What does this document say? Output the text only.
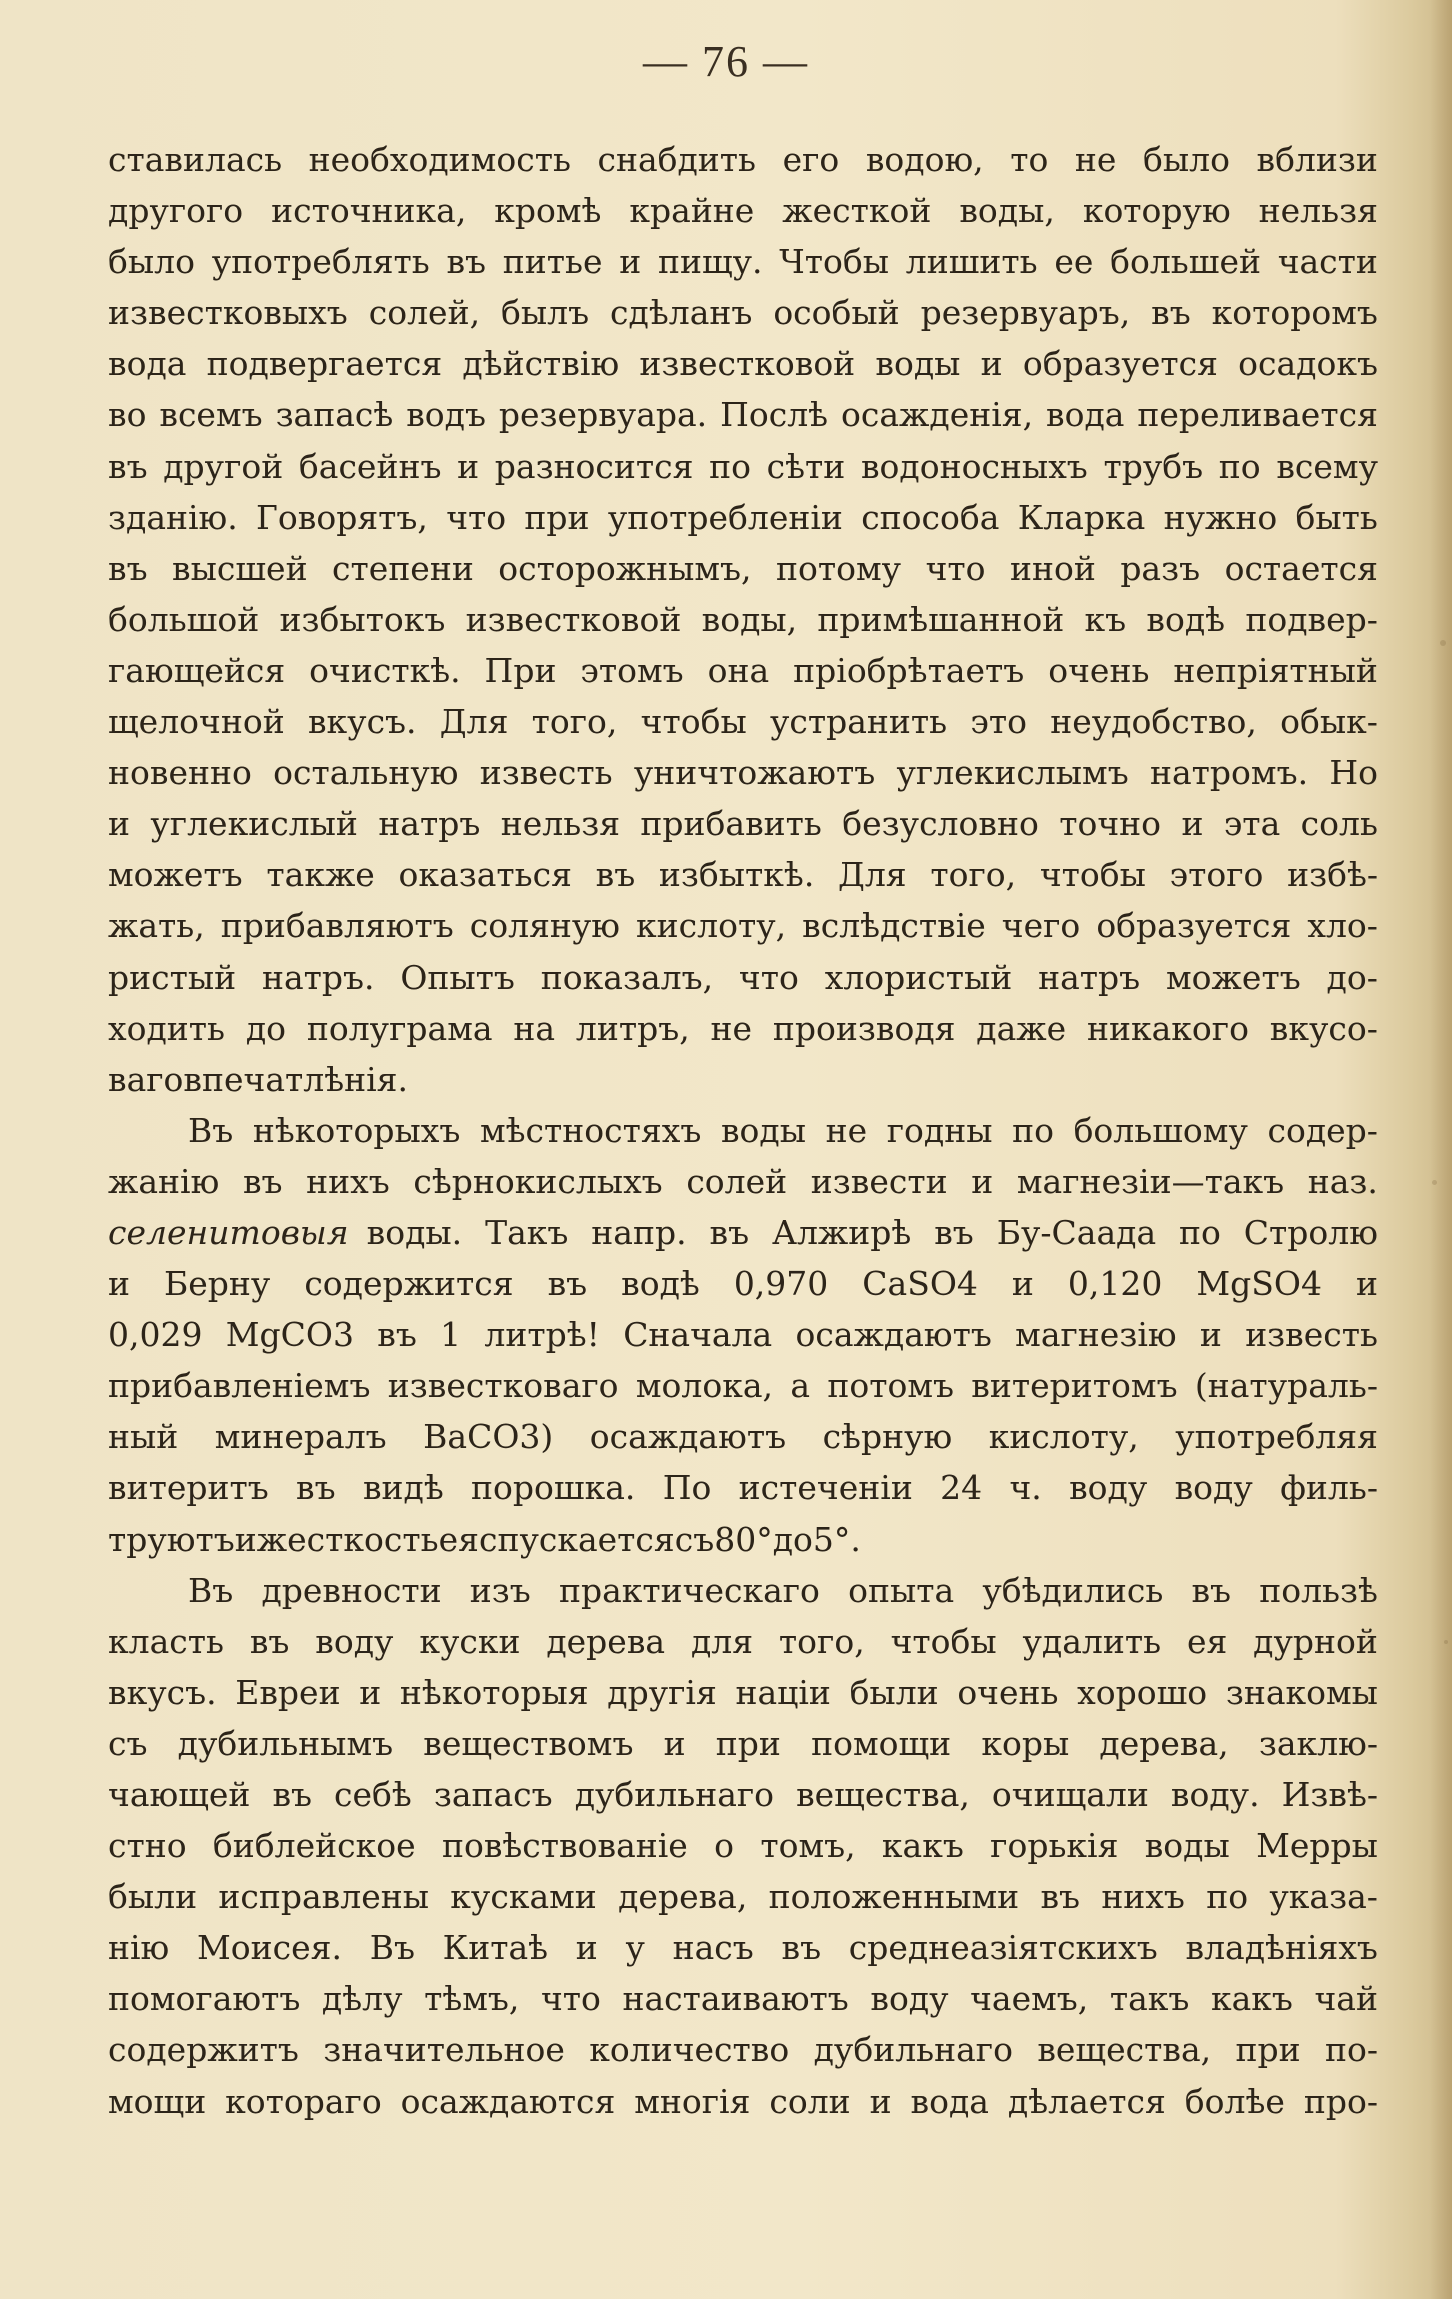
— 76 —
ставилась необходимость снабдить его водою, то не было вблизи
другого источника, кромѣ крайне жесткой воды, которую нельзя
было употреблять въ питье и пищу. Чтобы лишить ее большей части
известковыхъ солей, былъ сдѣланъ особый резервуаръ, въ которомъ
вода подвергается дѣйствію известковой воды и образуется осадокъ
во всемъ запасѣ водъ резервуара. Послѣ осажденія, вода переливается
въ другой басейнъ и разносится по сѣти водоносныхъ трубъ по всему
зданію. Говорятъ, что при употребленіи способа Кларка нужно быть
въ высшей степени осторожнымъ, потому что иной разъ остается
большой избытокъ известковой воды, примѣшанной къ водѣ подвер-
гающейся очисткѣ. При этомъ она пріобрѣтаетъ очень непріятный
щелочной вкусъ. Для того, чтобы устранить это неудобство, обык-
новенно остальную известь уничтожаютъ углекислымъ натромъ. Но
и углекислый натръ нельзя прибавить безусловно точно и эта соль
можетъ также оказаться въ избыткѣ. Для того, чтобы этого избѣ-
жать, прибавляютъ соляную кислоту, вслѣдствіе чего образуется хло-
ристый натръ. Опытъ показалъ, что хлористый натръ можетъ до-
ходить до полуграма на литръ, не производя даже никакого вкусо-
ваго впечатлѣнія.
Въ нѣкоторыхъ мѣстностяхъ воды не годны по большому содер-
жанію въ нихъ сѣрнокислыхъ солей извести и магнезіи—такъ наз.
селенитовыя воды. Такъ напр. въ Алжирѣ въ Бу-Саада по Стролю
и Берну содержится въ водѣ 0,970 CaSO4 и 0,120 MgSO4 и
0,029 MgCO3 въ 1 литрѣ! Сначала осаждаютъ магнезію и известь
прибавленіемъ известковаго молока, а потомъ витеритомъ (натураль-
ный минералъ BaCO3) осаждаютъ сѣрную кислоту, употребляя
витеритъ въ видѣ порошка. По истеченіи 24 ч. воду воду филь-
труютъ и жесткость ея спускается съ 80° до 5°.
Въ древности изъ практическаго опыта убѣдились въ пользѣ
класть въ воду куски дерева для того, чтобы удалить ея дурной
вкусъ. Евреи и нѣкоторыя другія націи были очень хорошо знакомы
съ дубильнымъ веществомъ и при помощи коры дерева, заклю-
чающей въ себѣ запасъ дубильнаго вещества, очищали воду. Извѣ-
стно библейское повѣствованіе о томъ, какъ горькія воды Мерры
были исправлены кусками дерева, положенными въ нихъ по указа-
нію Моисея. Въ Китаѣ и у насъ въ среднеазіятскихъ владѣніяхъ
помогаютъ дѣлу тѣмъ, что настаиваютъ воду чаемъ, такъ какъ чай
содержитъ значительное количество дубильнаго вещества, при по-
мощи котораго осаждаются многія соли и вода дѣлается болѣе про-
